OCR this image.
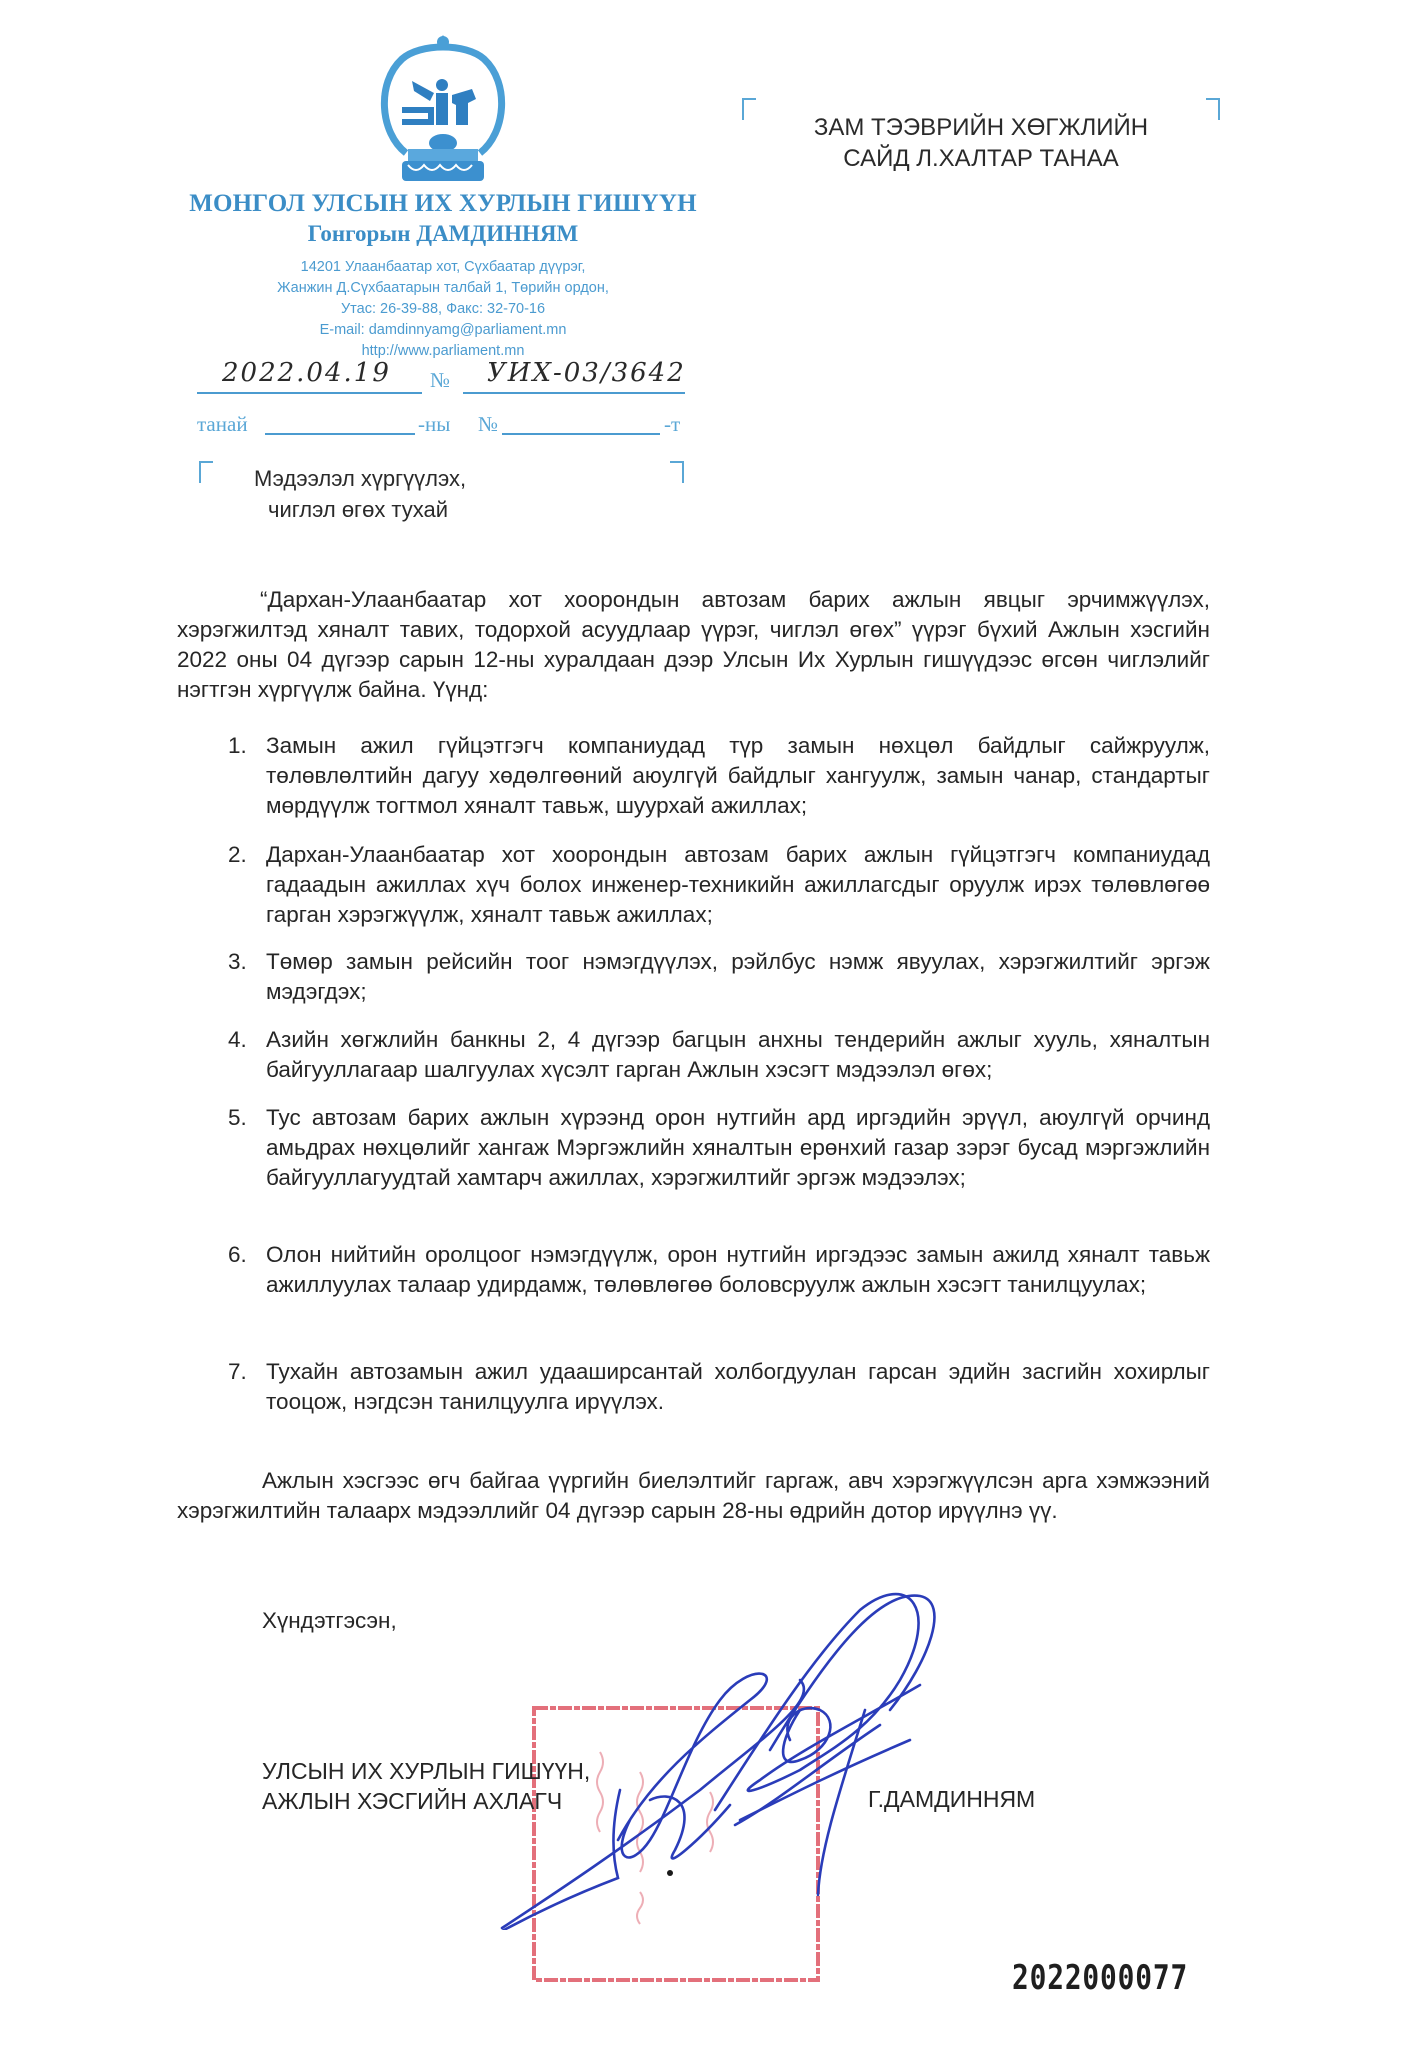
МОНГОЛ УЛСЫН ИХ ХУРЛЫН ГИШҮҮН
Гонгорын ДАМДИННЯМ
14201 Улаанбаатар хот, Сүхбаатар дүүрэг,
Жанжин Д.Сүхбаатарын талбай 1, Төрийн ордон,
Утас: 26-39-88, Факс: 32-70-16
E-mail: damdinnyamg@parliament.mn
http://www.parliament.mn
2022.04.19 № УИХ-03/3642
танай	-ны №	-т
Мэдээлэл хүргүүлэх,
чиглэл өгөх тухай
ЗАМ ТЭЭВРИЙН ХӨГЖЛИЙН
САЙД Л.ХАЛТАР ТАНАА

“Дархан-Улаанбаатар хот хоорондын автозам барих ажлын явцыг эрчимжүүлэх, хэрэгжилтэд хяналт тавих, тодорхой асуудлаар үүрэг, чиглэл өгөх” үүрэг бүхий Ажлын хэсгийн 2022 оны 04 дүгээр сарын 12-ны хуралдаан дээр Улсын Их Хурлын гишүүдээс өгсөн чиглэлийг нэгтгэн хүргүүлж байна. Үүнд:

1. Замын ажил гүйцэтгэгч компаниудад түр замын нөхцөл байдлыг сайжруулж, төлөвлөлтийн дагуу хөдөлгөөний аюулгүй байдлыг хангуулж, замын чанар, стандартыг мөрдүүлж тогтмол хяналт тавьж, шуурхай ажиллах;
2. Дархан-Улаанбаатар хот хоорондын автозам барих ажлын гүйцэтгэгч компаниудад гадаадын ажиллах хүч болох инженер-техникийн ажиллагсдыг оруулж ирэх төлөвлөгөө гарган хэрэгжүүлж, хяналт тавьж ажиллах;
3. Төмөр замын рейсийн тоог нэмэгдүүлэх, рэйлбус нэмж явуулах, хэрэгжилтийг эргэж мэдэгдэх;
4. Азийн хөгжлийн банкны 2, 4 дүгээр багцын анхны тендерийн ажлыг хууль, хяналтын байгууллагаар шалгуулах хүсэлт гарган Ажлын хэсэгт мэдээлэл өгөх;
5. Тус автозам барих ажлын хүрээнд орон нутгийн ард иргэдийн эрүүл, аюулгүй орчинд амьдрах нөхцөлийг хангаж Мэргэжлийн хяналтын ерөнхий газар зэрэг бусад мэргэжлийн байгууллагуудтай хамтарч ажиллах, хэрэгжилтийг эргэж мэдээлэх;
6. Олон нийтийн оролцоог нэмэгдүүлж, орон нутгийн иргэдээс замын ажилд хяналт тавьж ажиллуулах талаар удирдамж, төлөвлөгөө боловсруулж ажлын хэсэгт танилцуулах;
7. Тухайн автозамын ажил удааширсантай холбогдуулан гарсан эдийн засгийн хохирлыг тооцож, нэгдсэн танилцуулга ирүүлэх.

Ажлын хэсгээс өгч байгаа үүргийн биелэлтийг гаргаж, авч хэрэгжүүлсэн арга хэмжээний хэрэгжилтийн талаарх мэдээллийг 04 дүгээр сарын 28-ны өдрийн дотор ирүүлнэ үү.

Хүндэтгэсэн,
УЛСЫН ИХ ХУРЛЫН ГИШҮҮН,
АЖЛЫН ХЭСГИЙН АХЛАГЧ	Г.ДАМДИННЯМ
2022000077
